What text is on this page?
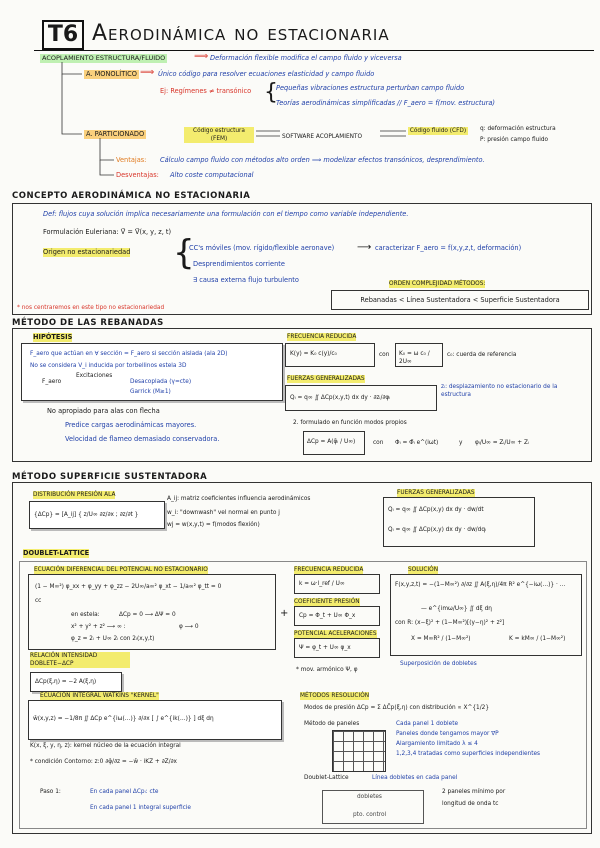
T6 Aerodinámica no estacionaria
ACOPLAMIENTO ESTRUCTURA/FLUIDO	⟹ Deformación flexible modifica el campo fluido y viceversa
A. MONOLÍTICO ⟹ Único código para resolver ecuaciones elasticidad y campo fluido
Ej: Regímenes ≠ transónico {
Pequeñas vibraciones estructura perturban campo fluido
Teorías aerodinámicas simplificadas // F_aero = f(mov. estructura)
A. PARTICIONADO	Código estructura (FEM)	SOFTWARE ACOPLAMIENTO
Código fluido (CFD)	q: deformación estructura
P: presión campo fluido
Ventajas: Cálculo campo fluido con métodos alto orden ⟹ modelizar efectos transónicos, desprendimiento.
Desventajas: Alto coste computacional
CONCEPTO AERODINÁMICA NO ESTACIONARIA
Def: flujos cuya solución implica necesariamente una formulación con el tiempo como variable independiente.
Formulación Euleriana: V⃗ = V⃗(x, y, z, t)
Origen no estacionariedad {
CC's móviles (mov. rígido/flexible aeronave) ⟶ caracterizar F_aero = f(x,y,z,t, deformación)
Desprendimientos corriente
∃ causa externa flujo turbulento
* nos centraremos en este tipo no estacionariedad
ORDEN COMPLEJIDAD MÉTODOS:
Rebanadas < Línea Sustentadora < Superficie Sustentadora
MÉTODO DE LAS REBANADAS
HIPÓTESIS
F_aero que actúan en ∀ sección = F_aero si sección aislada (ala 2D)
No se considera V_i inducida por torbellinos estela 3D
F_aero
Excitaciones
Desacoplada (γ=cte)
Garrick (M≥1)
No apropiado para alas con flecha
Predice cargas aerodinámicas mayores.
Velocidad de flameo demasiado conservadora.
FRECUENCIA REDUCIDA
K(y) = K₀ c(y)/c₀	con K₀ = ω c₀ / 2U∞
c₀: cuerda de referencia
FUERZAS GENERALIZADAS
Qᵢ = q∞ ∬ ΔCp(x,y,t) dx dy · ∂zᵢ/∂φᵢ
zᵢ: desplazamiento no estacionario de la estructura
2. formulado en función modos propios
ΔCp = A(φ̄ᵢ / U∞)	con Φᵢ = Φ̄ᵢ e^(iωt)	y φᵢ/U∞ = Zᵢ/U∞ + Zᵢ
MÉTODO SUPERFICIE SUSTENTADORA
DISTRIBUCIÓN PRESIÓN ALA
{ΔCp} = [A_ij] { z/U∞ ∂z/∂x ; ∂z/∂t }
A_ij: matriz coeficientes influencia aerodinámicos
w_i: "downwash" vel normal en punto j
wj = w(x,y,t) = f(modos flexión)
FUERZAS GENERALIZADAS
Qᵢ = q∞ ∬ ΔCp(x,y) dx dy · dw/dt
Qᵢ = q∞ ∬ ΔCp(x,y) dx dy · dw/dqᵢ
DOUBLET-LATTICE
ECUACIÓN DIFERENCIAL DEL POTENCIAL NO ESTACIONARIO
(1 − M∞²) φ_xx + φ_yy + φ_zz − 2U∞/a∞² φ_xt − 1/a∞² φ_tt = 0
cc
en estela:	ΔCp = 0 ⟶ ΔΨ = 0
x² + y² + z² ⟶ ∞ :	φ ⟶ 0
φ_z = 2ᵢ + U∞ 2ᵢ con 2ᵢ(x,y,t)
RELACIÓN INTENSIDAD DOBLETE−ΔCP
ΔCp(ξ,η) = −2 A(ξ,η)
+
FRECUENCIA REDUCIDA
k = ω·l_ref / U∞
COEFICIENTE PRESIÓN
Cp = Φ_t + U∞ Φ_x
POTENCIAL ACELERACIONES
Ψ = φ_t + U∞ φ_x
* mov. armónico Ψ, φ
SOLUCIÓN
F(x,y,z,t) = −(1−M∞²) ∂/∂z ∬ A(ξ,η)/4π R² e^{−iω(…)} · …
— e^{imω/U∞} ∬ dξ dη
con R: (x−ξ)² + (1−M∞²)[(y−η)² + z²]
X = M∞R² / (1−M∞²)	K = kM∞ / (1−M∞²)
Superposición de dobletes
ECUACIÓN INTEGRAL WATKINS "KERNEL"
w̄(x,y,z) = −1/8π ∬ ΔCp e^{iω(…)} ∂/∂x [ ∫ e^{ik(…)} ] dξ dη
K(x, ξ, y, η, z): kernel núcleo de la ecuación integral
* condición Contorno: z:0 ∂φ̄/∂z = −w̄ · iKZ + ∂Z/∂x
MÉTODOS RESOLUCIÓN
Modos de presión ΔCp = Σ ΔĈp(ξ,η) con distribución ∝ X^{1/2}
Método de paneles	Cada panel 1 doblete
Paneles donde tengamos mayor ∇P
Alargamiento limitado λ ≤ 4
1,2,3,4 tratadas como superficies independientes
Doublet-Lattice	Línea dobletes en cada panel
Paso 1:	En cada panel ΔCpᵢ: cte
En cada panel 1 integral superficie
dobletes
pto. control
2 paneles mínimo por
longitud de onda tc
